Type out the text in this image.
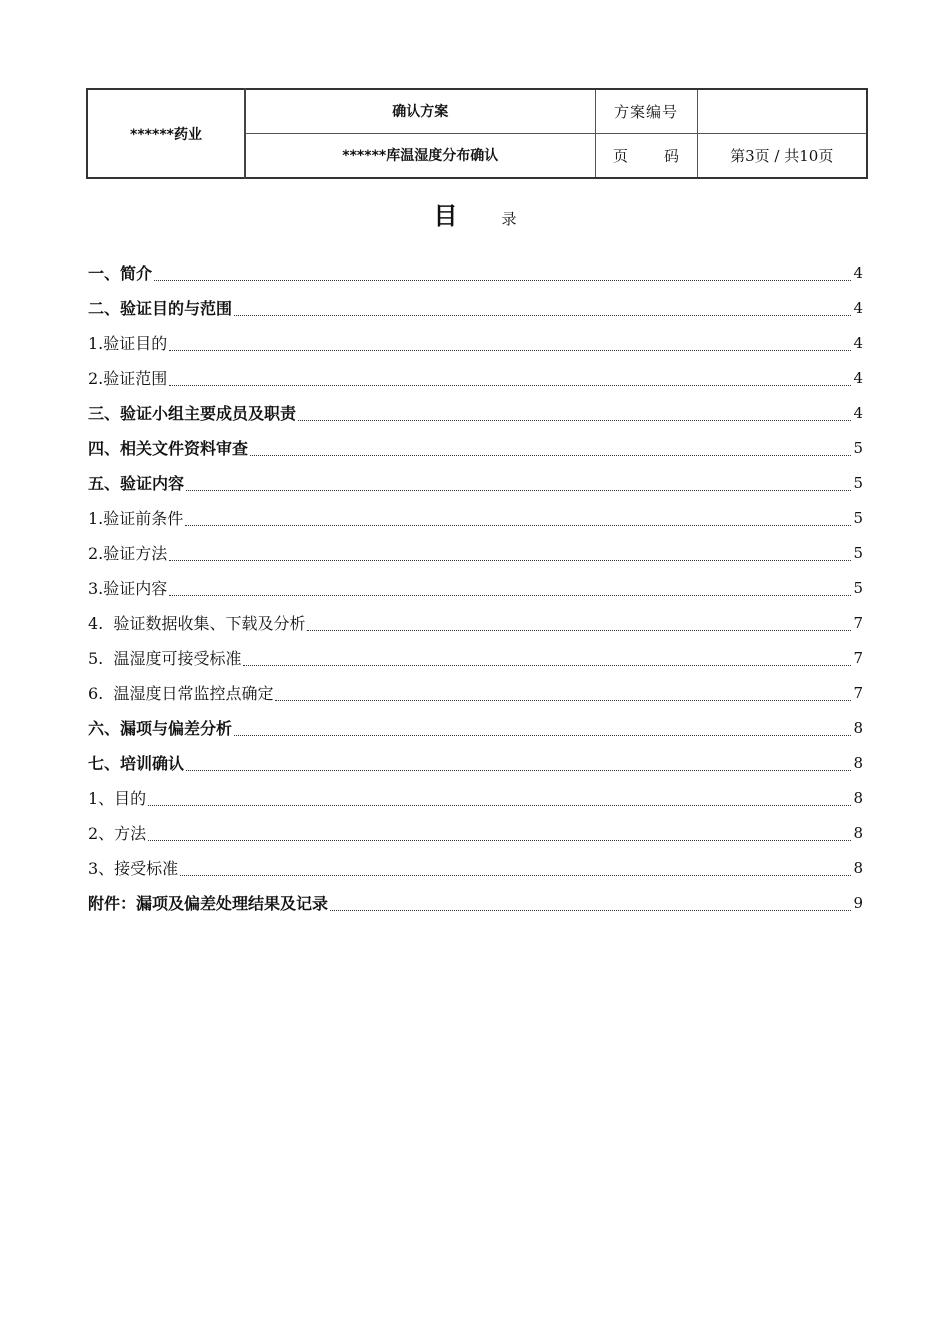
******药业	确认方案	方案编号	
	******库温湿度分布确认	页 码	第3页 / 共10页
目	录
一、简介	4
二、验证目的与范围	4
1.验证目的	4
2.验证范围	4
三、验证小组主要成员及职责	4
四、相关文件资料审查	5
五、验证内容	5
1.验证前条件	5
2.验证方法	5
3.验证内容	5
4.  验证数据收集、下载及分析	7
5.  温湿度可接受标准	7
6.  温湿度日常监控点确定	7
六、漏项与偏差分析	8
七、培训确认	8
1、目的	8
2、方法	8
3、接受标准	8
附件：漏项及偏差处理结果及记录	9
